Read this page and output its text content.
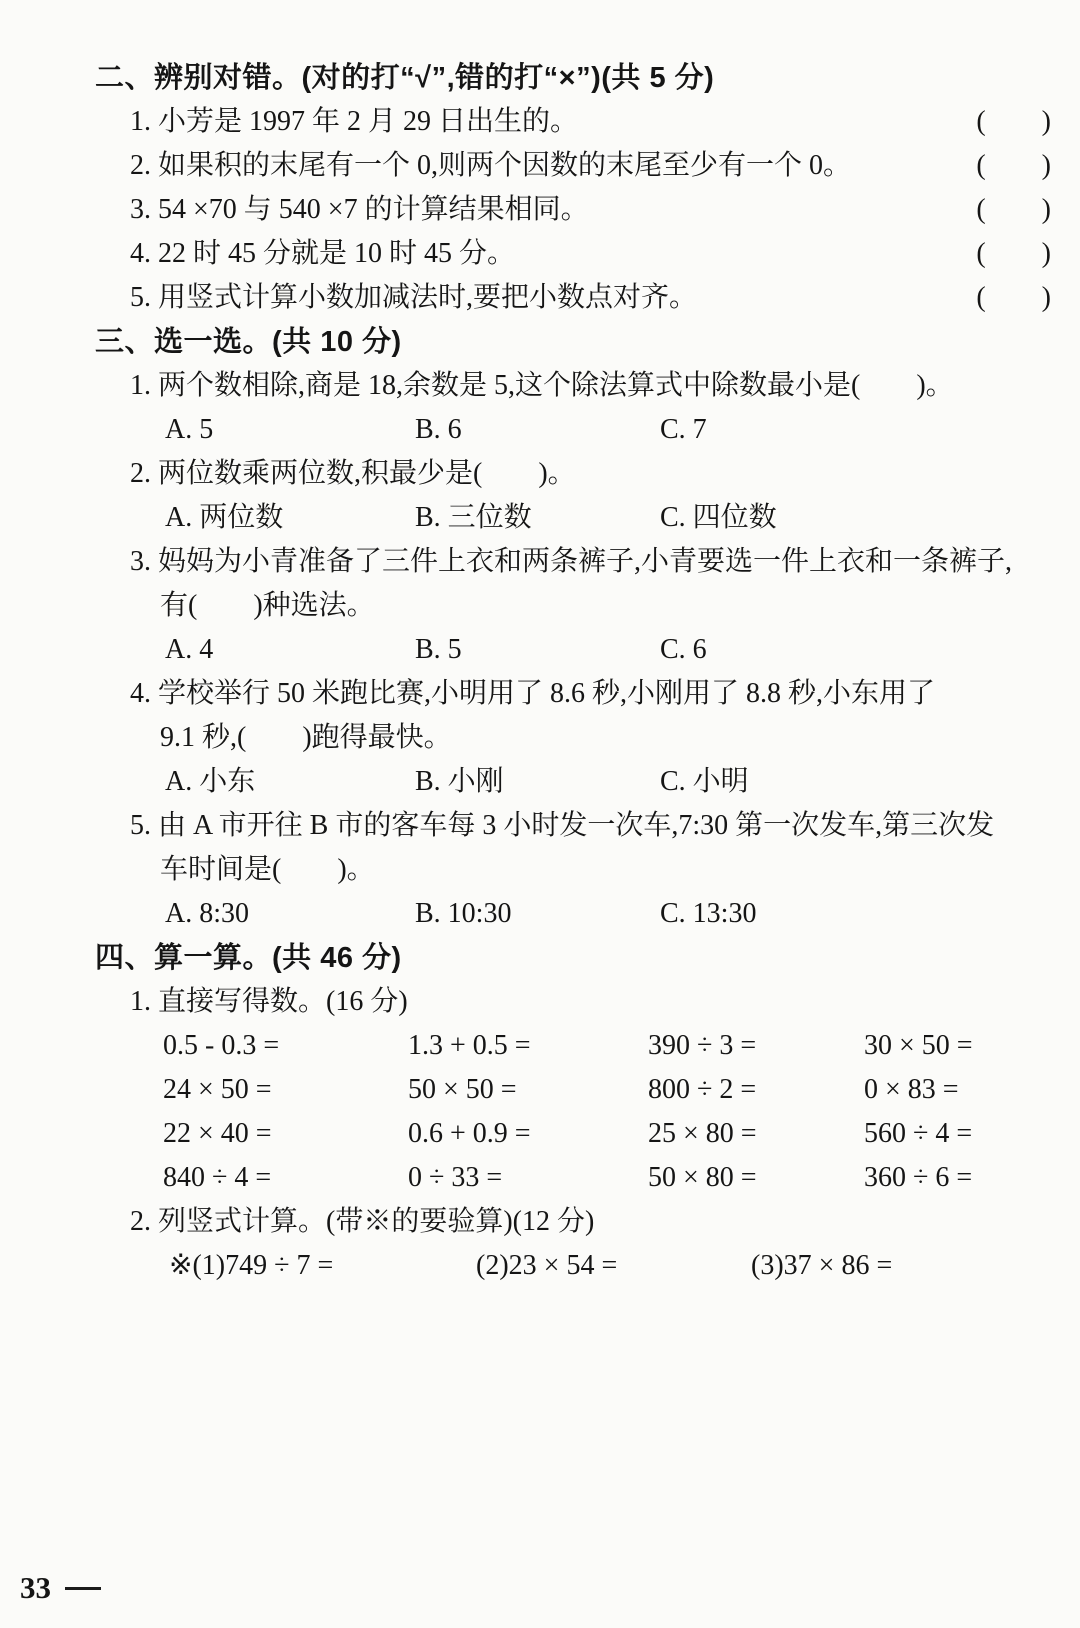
二、辨别对错。(对的打“√”,错的打“×”)(共 5 分)
1. 小芳是 1997 年 2 月 29 日出生的。	(　　)
2. 如果积的末尾有一个 0,则两个因数的末尾至少有一个 0。	(　　)
3. 54 ×70 与 540 ×7 的计算结果相同。	(　　)
4. 22 时 45 分就是 10 时 45 分。	(　　)
5. 用竖式计算小数加减法时,要把小数点对齐。	(　　)
三、选一选。(共 10 分)
1. 两个数相除,商是 18,余数是 5,这个除法算式中除数最小是(　　)。
A. 5	B. 6	C. 7
2. 两位数乘两位数,积最少是(　　)。
A. 两位数	B. 三位数	C. 四位数
3. 妈妈为小青准备了三件上衣和两条裤子,小青要选一件上衣和一条裤子,
有(　　)种选法。
A. 4	B. 5	C. 6
4. 学校举行 50 米跑比赛,小明用了 8.6 秒,小刚用了 8.8 秒,小东用了
9.1 秒,(　　)跑得最快。
A. 小东	B. 小刚	C. 小明
5. 由 A 市开往 B 市的客车每 3 小时发一次车,7:30 第一次发车,第三次发
车时间是(　　)。
A. 8:30	B. 10:30	C. 13:30
四、算一算。(共 46 分)
1. 直接写得数。(16 分)
0.5 - 0.3 =	1.3 + 0.5 =	390 ÷ 3 =	30 × 50 =
24 × 50 =	50 × 50 =	800 ÷ 2 =	0 × 83 =
22 × 40 =	0.6 + 0.9 =	25 × 80 =	560 ÷ 4 =
840 ÷ 4 =	0 ÷ 33 =	50 × 80 =	360 ÷ 6 =
2. 列竖式计算。(带※的要验算)(12 分)
※(1)749 ÷ 7 =	(2)23 × 54 =	(3)37 × 86 =
33
